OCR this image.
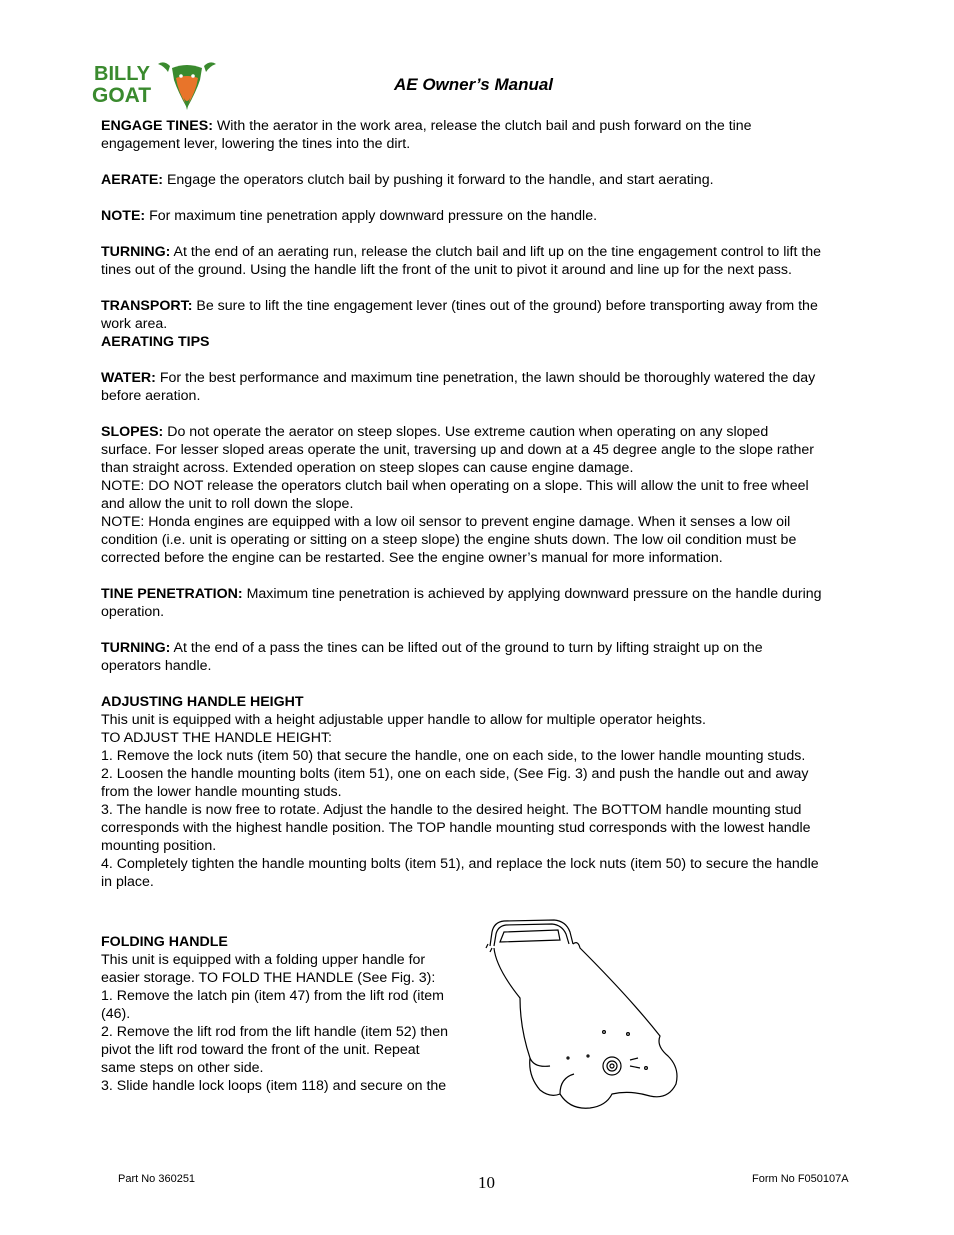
BILLY
GOAT	AE Owner’s Manual

ENGAGE TINES: With the aerator in the work area, release the clutch bail and push forward on the tine
engagement lever, lowering the tines into the dirt.

AERATE: Engage the operators clutch bail by pushing it forward to the handle, and start aerating.

NOTE: For maximum tine penetration apply downward pressure on the handle.

TURNING: At the end of an aerating run, release the clutch bail and lift up on the tine engagement control to lift the
tines out of the ground. Using the handle lift the front of the unit to pivot it around and line up for the next pass.

TRANSPORT: Be sure to lift the tine engagement lever (tines out of the ground) before transporting away from the
work area.

AERATING TIPS

WATER: For the best performance and maximum tine penetration, the lawn should be thoroughly watered the day
before aeration.

SLOPES: Do not operate the aerator on steep slopes. Use extreme caution when operating on any sloped
surface. For lesser sloped areas operate the unit, traversing up and down at a 45 degree angle to the slope rather
than straight across. Extended operation on steep slopes can cause engine damage.
NOTE: DO NOT release the operators clutch bail when operating on a slope. This will allow the unit to free wheel
and allow the unit to roll down the slope.
NOTE: Honda engines are equipped with a low oil sensor to prevent engine damage. When it senses a low oil
condition (i.e. unit is operating or sitting on a steep slope) the engine shuts down. The low oil condition must be
corrected before the engine can be restarted. See the engine owner’s manual for more information.

TINE PENETRATION: Maximum tine penetration is achieved by applying downward pressure on the handle during
operation.

TURNING: At the end of a pass the tines can be lifted out of the ground to turn by lifting straight up on the
operators handle.

ADJUSTING HANDLE HEIGHT

This unit is equipped with a height adjustable upper handle to allow for multiple operator heights.
TO ADJUST THE HANDLE HEIGHT:
1. Remove the lock nuts (item 50) that secure the handle, one on each side, to the lower handle mounting studs.
2. Loosen the handle mounting bolts (item 51), one on each side, (See Fig. 3) and push the handle out and away
from the lower handle mounting studs.
3. The handle is now free to rotate. Adjust the handle to the desired height. The BOTTOM handle mounting stud
corresponds with the highest handle position. The TOP handle mounting stud corresponds with the lowest handle
mounting position.
4. Completely tighten the handle mounting bolts (item 51), and replace the lock nuts (item 50) to secure the handle
in place.

FOLDING HANDLE

This unit is equipped with a folding upper handle for
easier storage. TO FOLD THE HANDLE (See Fig. 3):
1. Remove the latch pin (item 47) from the lift rod (item
(46).
2. Remove the lift rod from the lift handle (item 52) then
pivot the lift rod toward the front of the unit. Repeat
same steps on other side.
3. Slide handle lock loops (item 118) and secure on the
Part No 360251	10	Form No F050107A
